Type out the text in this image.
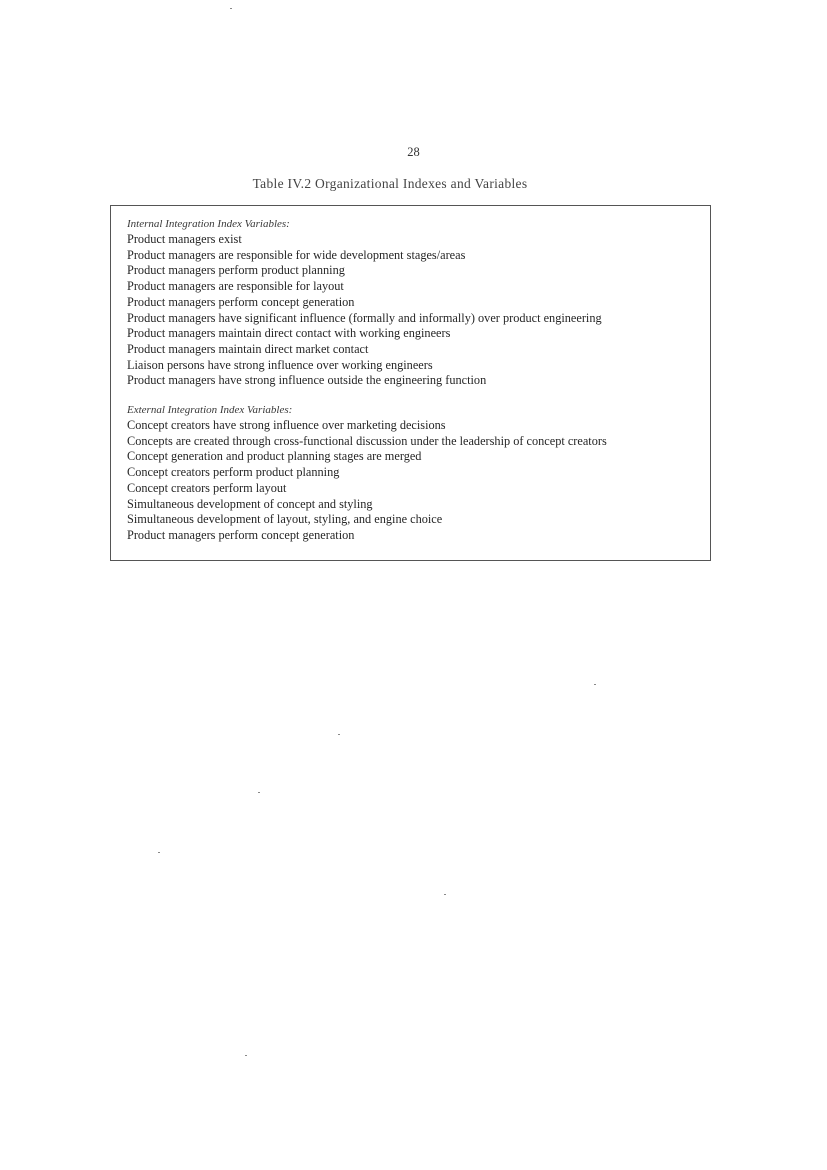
28
Table IV.2 Organizational Indexes and Variables
Internal Integration Index Variables:
Product managers exist
Product managers are responsible for wide development stages/areas
Product managers perform product planning
Product managers are responsible for layout
Product managers perform concept generation
Product managers have significant influence (formally and informally) over product engineering
Product managers maintain direct contact with working engineers
Product managers maintain direct market contact
Liaison persons have strong influence over working engineers
Product managers have strong influence outside the engineering function
External Integration Index Variables:
Concept creators have strong influence over marketing decisions
Concepts are created through cross-functional discussion under the leadership of concept creators
Concept generation and product planning stages are merged
Concept creators perform product planning
Concept creators perform layout
Simultaneous development of concept and styling
Simultaneous development of layout, styling, and engine choice
Product managers perform concept generation
